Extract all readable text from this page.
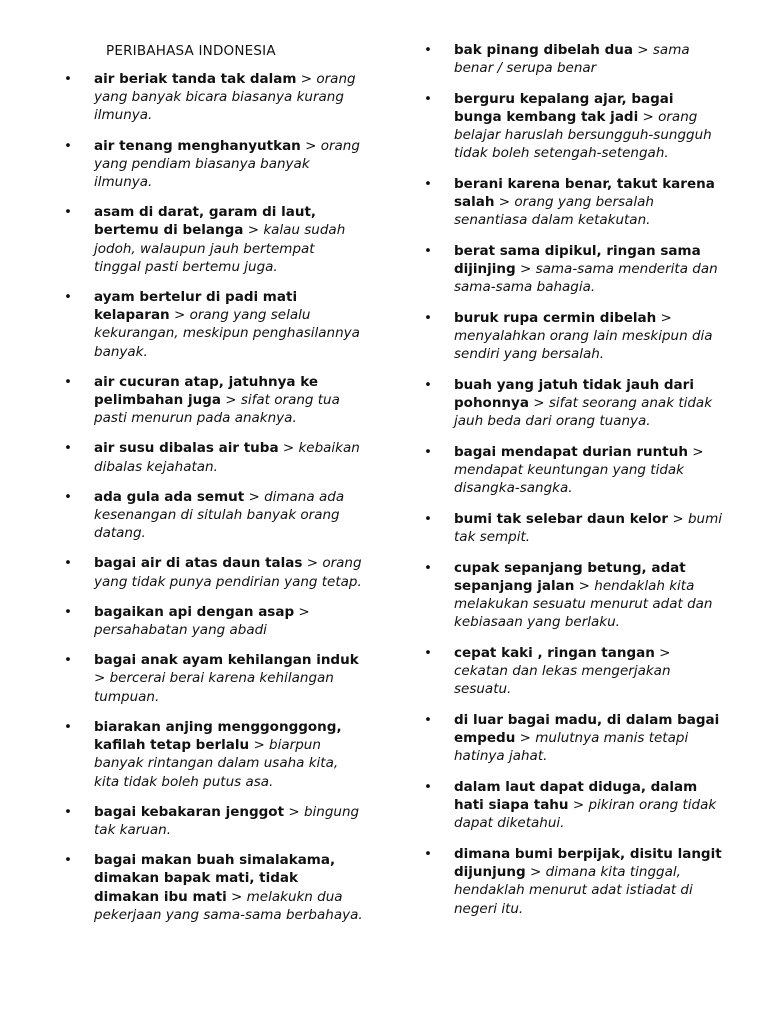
PERIBAHASA INDONESIA
• air beriak tanda tak dalam > orang yang banyak bicara biasanya kurang ilmunya.
• air tenang menghanyutkan > orang yang pendiam biasanya banyak ilmunya.
• asam di darat, garam di laut, bertemu di belanga > kalau sudah jodoh, walaupun jauh bertempat tinggal pasti bertemu juga.
• ayam bertelur di padi mati kelaparan > orang yang selalu kekurangan, meskipun penghasilannya banyak.
• air cucuran atap, jatuhnya ke pelimbahan juga > sifat orang tua pasti menurun pada anaknya.
• air susu dibalas air tuba > kebaikan dibalas kejahatan.
• ada gula ada semut > dimana ada kesenangan di situlah banyak orang datang.
• bagai air di atas daun talas > orang yang tidak punya pendirian yang tetap.
• bagaikan api dengan asap > persahabatan yang abadi
• bagai anak ayam kehilangan induk > bercerai berai karena kehilangan tumpuan.
• biarakan anjing menggonggong, kafilah tetap berlalu > biarpun banyak rintangan dalam usaha kita, kita tidak boleh putus asa.
• bagai kebakaran jenggot > bingung tak karuan.
• bagai makan buah simalakama, dimakan bapak mati, tidak dimakan ibu mati > melakukn dua pekerjaan yang sama-sama berbahaya.
• bak pinang dibelah dua > sama benar / serupa benar
• berguru kepalang ajar, bagai bunga kembang tak jadi > orang belajar haruslah bersungguh-sungguh tidak boleh setengah-setengah.
• berani karena benar, takut karena salah > orang yang bersalah senantiasa dalam ketakutan.
• berat sama dipikul, ringan sama dijinjing > sama-sama menderita dan sama-sama bahagia.
• buruk rupa cermin dibelah > menyalahkan orang lain meskipun dia sendiri yang bersalah.
• buah yang jatuh tidak jauh dari pohonnya > sifat seorang anak tidak jauh beda dari orang tuanya.
• bagai mendapat durian runtuh > mendapat keuntungan yang tidak disangka-sangka.
• bumi tak selebar daun kelor > bumi tak sempit.
• cupak sepanjang betung, adat sepanjang jalan > hendaklah kita melakukan sesuatu menurut adat dan kebiasaan yang berlaku.
• cepat kaki , ringan tangan > cekatan dan lekas mengerjakan sesuatu.
• di luar bagai madu, di dalam bagai empedu > mulutnya manis tetapi hatinya jahat.
• dalam laut dapat diduga, dalam hati siapa tahu > pikiran orang tidak dapat diketahui.
• dimana bumi berpijak, disitu langit dijunjung > dimana kita tinggal, hendaklah menurut adat istiadat di negeri itu.
